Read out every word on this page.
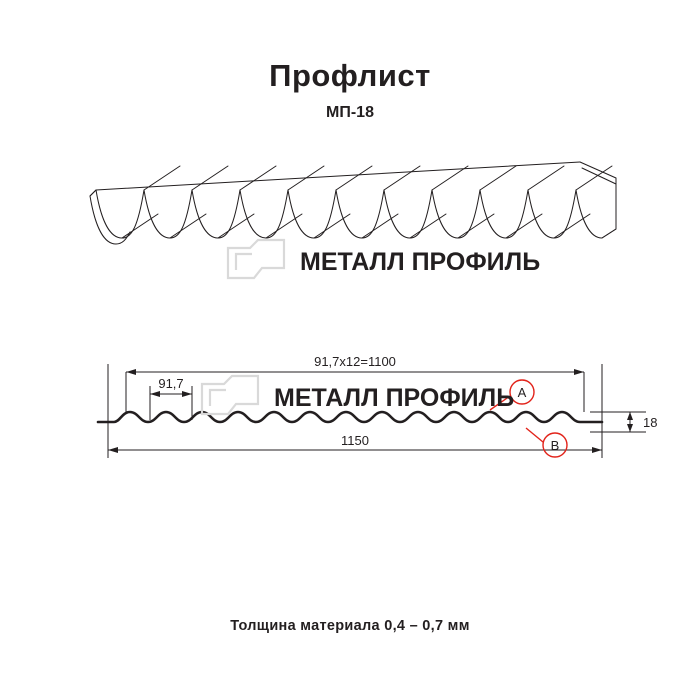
Профлист
МП-18
МЕТАЛЛ ПРОФИЛЬ
A
B
91,7x12=1100
91,7
1150
18
МЕТАЛЛ ПРОФИЛЬ
Толщина материала 0,4 – 0,7 мм
